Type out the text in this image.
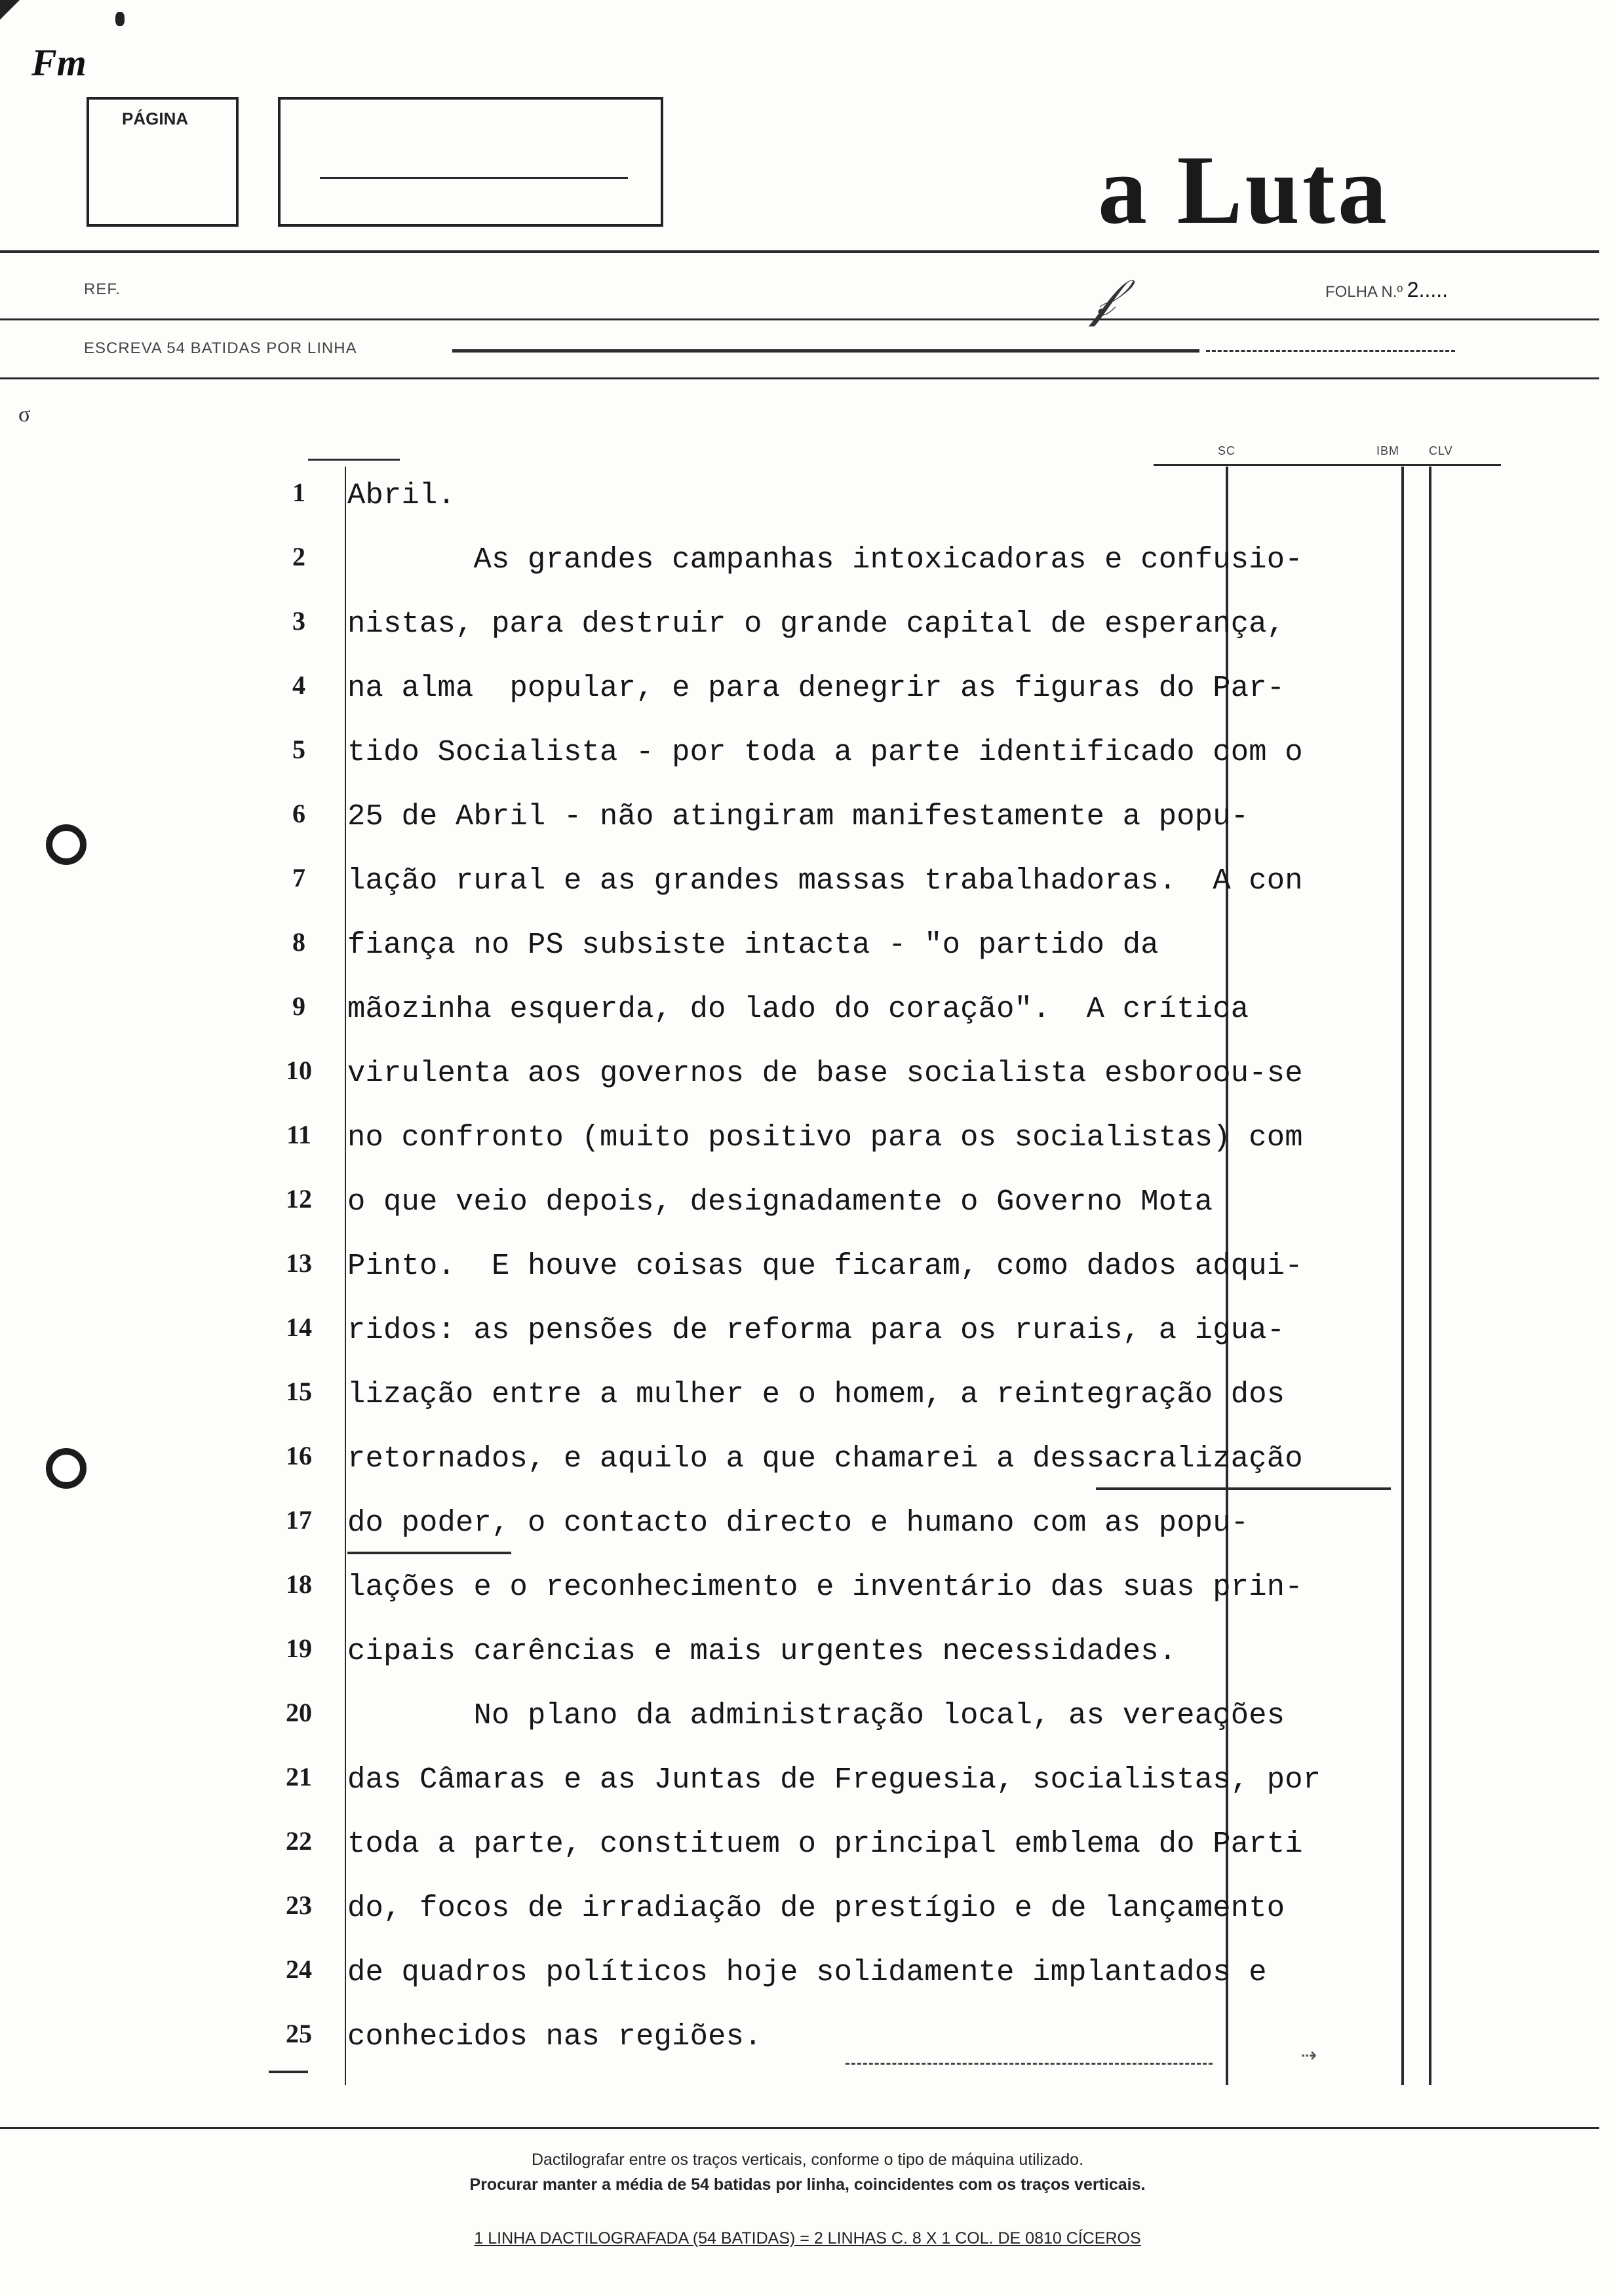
Fm
PÁGINA
a Luta
REF.	FOLHA N.º 2.....
𝒻
ESCREVA 54 BATIDAS POR LINHA
σ
SC	IBM CLV
1
2
3
4
5
6
7
8
9
10
11
12
13
14
15
16
17
18
19
20
21
22
23
24
25
Abril.
As grandes campanhas intoxicadoras e confusio-
nistas, para destruir o grande capital de esperança,
na alma  popular, e para denegrir as figuras do Par-
tido Socialista - por toda a parte identificado com o
25 de Abril - não atingiram manifestamente a popu-
lação rural e as grandes massas trabalhadoras.  A con
fiança no PS subsiste intacta - "o partido da
mãozinha esquerda, do lado do coração".  A crítica
virulenta aos governos de base socialista esboroou-se
no confronto (muito positivo para os socialistas) com
o que veio depois, designadamente o Governo Mota
Pinto.  E houve coisas que ficaram, como dados adqui-
ridos: as pensões de reforma para os rurais, a igua-
lização entre a mulher e o homem, a reintegração dos
retornados, e aquilo a que chamarei a dessacralização
do poder, o contacto directo e humano com as popu-
lações e o reconhecimento e inventário das suas prin-
cipais carências e mais urgentes necessidades.
No plano da administração local, as vereações
das Câmaras e as Juntas de Freguesia, socialistas, por
toda a parte, constituem o principal emblema do Parti
do, focos de irradiação de prestígio e de lançamento
de quadros políticos hoje solidamente implantados e
conhecidos nas regiões.
⇢
Dactilografar entre os traços verticais, conforme o tipo de máquina utilizado.
Procurar manter a média de 54 batidas por linha, coincidentes com os traços verticais.
1 LINHA DACTILOGRAFADA (54 BATIDAS) = 2 LINHAS C. 8 X 1 COL. DE 0810 CÍCEROS
